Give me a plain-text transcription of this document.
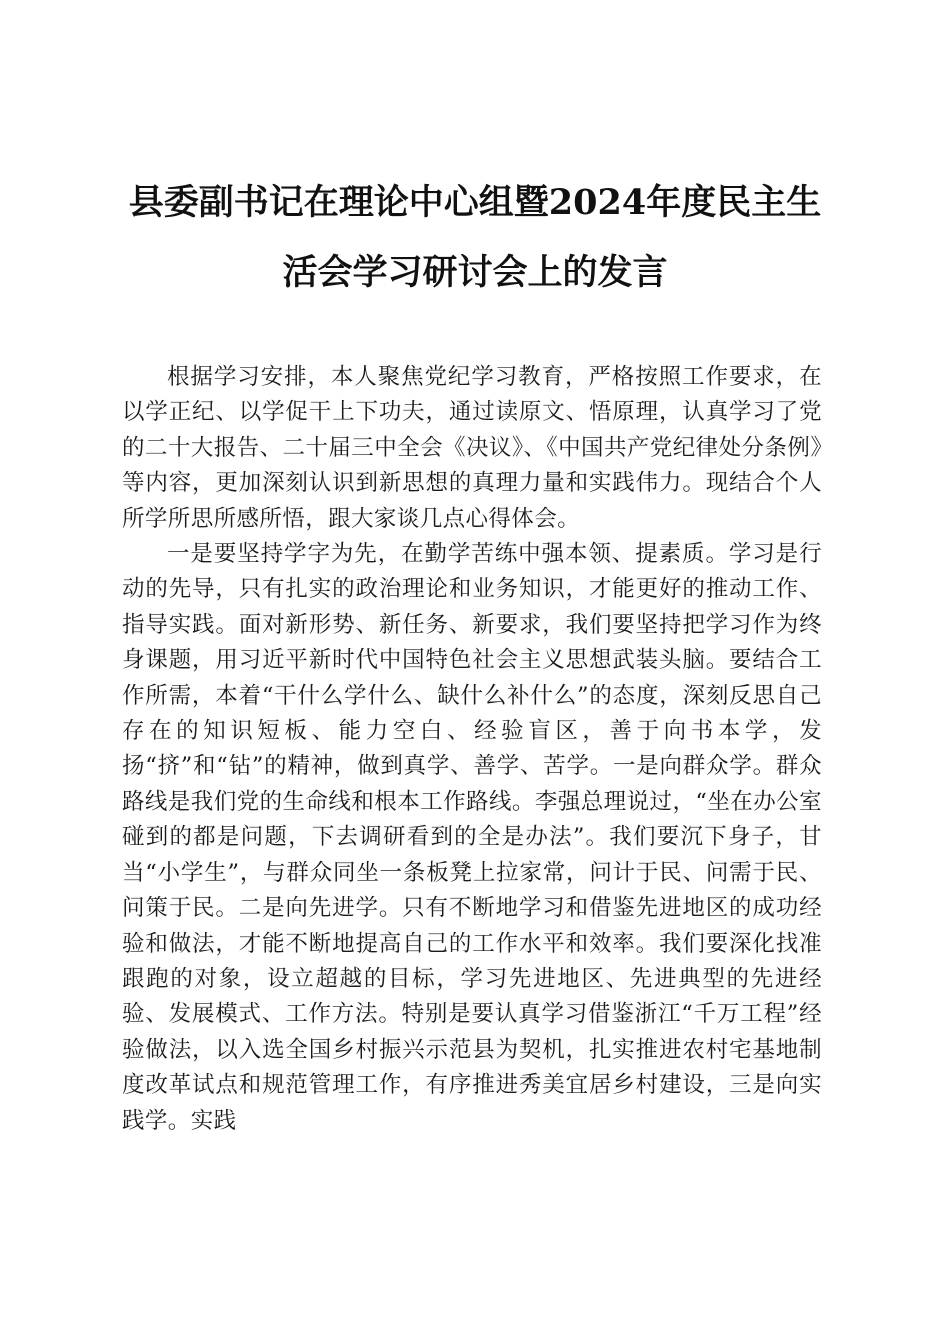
县委副书记在理论中心组暨2024年度民主生
活会学习研讨会上的发言

根据学习安排，本人聚焦党纪学习教育，严格按照工作要求，在以学正纪、以学促干上下功夫，通过读原文、悟原理，认真学习了党的二十大报告、二十届三中全会《决议》、《中国共产党纪律处分条例》等内容，更加深刻认识到新思想的真理力量和实践伟力。现结合个人所学所思所感所悟，跟大家谈几点心得体会。

一是要坚持学字为先，在勤学苦练中强本领、提素质。学习是行动的先导，只有扎实的政治理论和业务知识，才能更好的推动工作、指导实践。面对新形势、新任务、新要求，我们要坚持把学习作为终身课题，用习近平新时代中国特色社会主义思想武装头脑。要结合工作所需，本着“干什么学什么、缺什么补什么”的态度，深刻反思自己存在的知识短板、能力空白、经验盲区，善于向书本学，发扬“挤”和“钻”的精神，做到真学、善学、苦学。一是向群众学。群众路线是我们党的生命线和根本工作路线。李强总理说过，“坐在办公室碰到的都是问题，下去调研看到的全是办法”。我们要沉下身子，甘当“小学生”，与群众同坐一条板凳上拉家常，问计于民、问需于民、问策于民。二是向先进学。只有不断地学习和借鉴先进地区的成功经验和做法，才能不断地提高自己的工作水平和效率。我们要深化找准跟跑的对象，设立超越的目标，学习先进地区、先进典型的先进经验、发展模式、工作方法。特别是要认真学习借鉴浙江“千万工程”经验做法，以入选全国乡村振兴示范县为契机，扎实推进农村宅基地制度改革试点和规范管理工作，有序推进秀美宜居乡村建设，三是向实践学。实践
